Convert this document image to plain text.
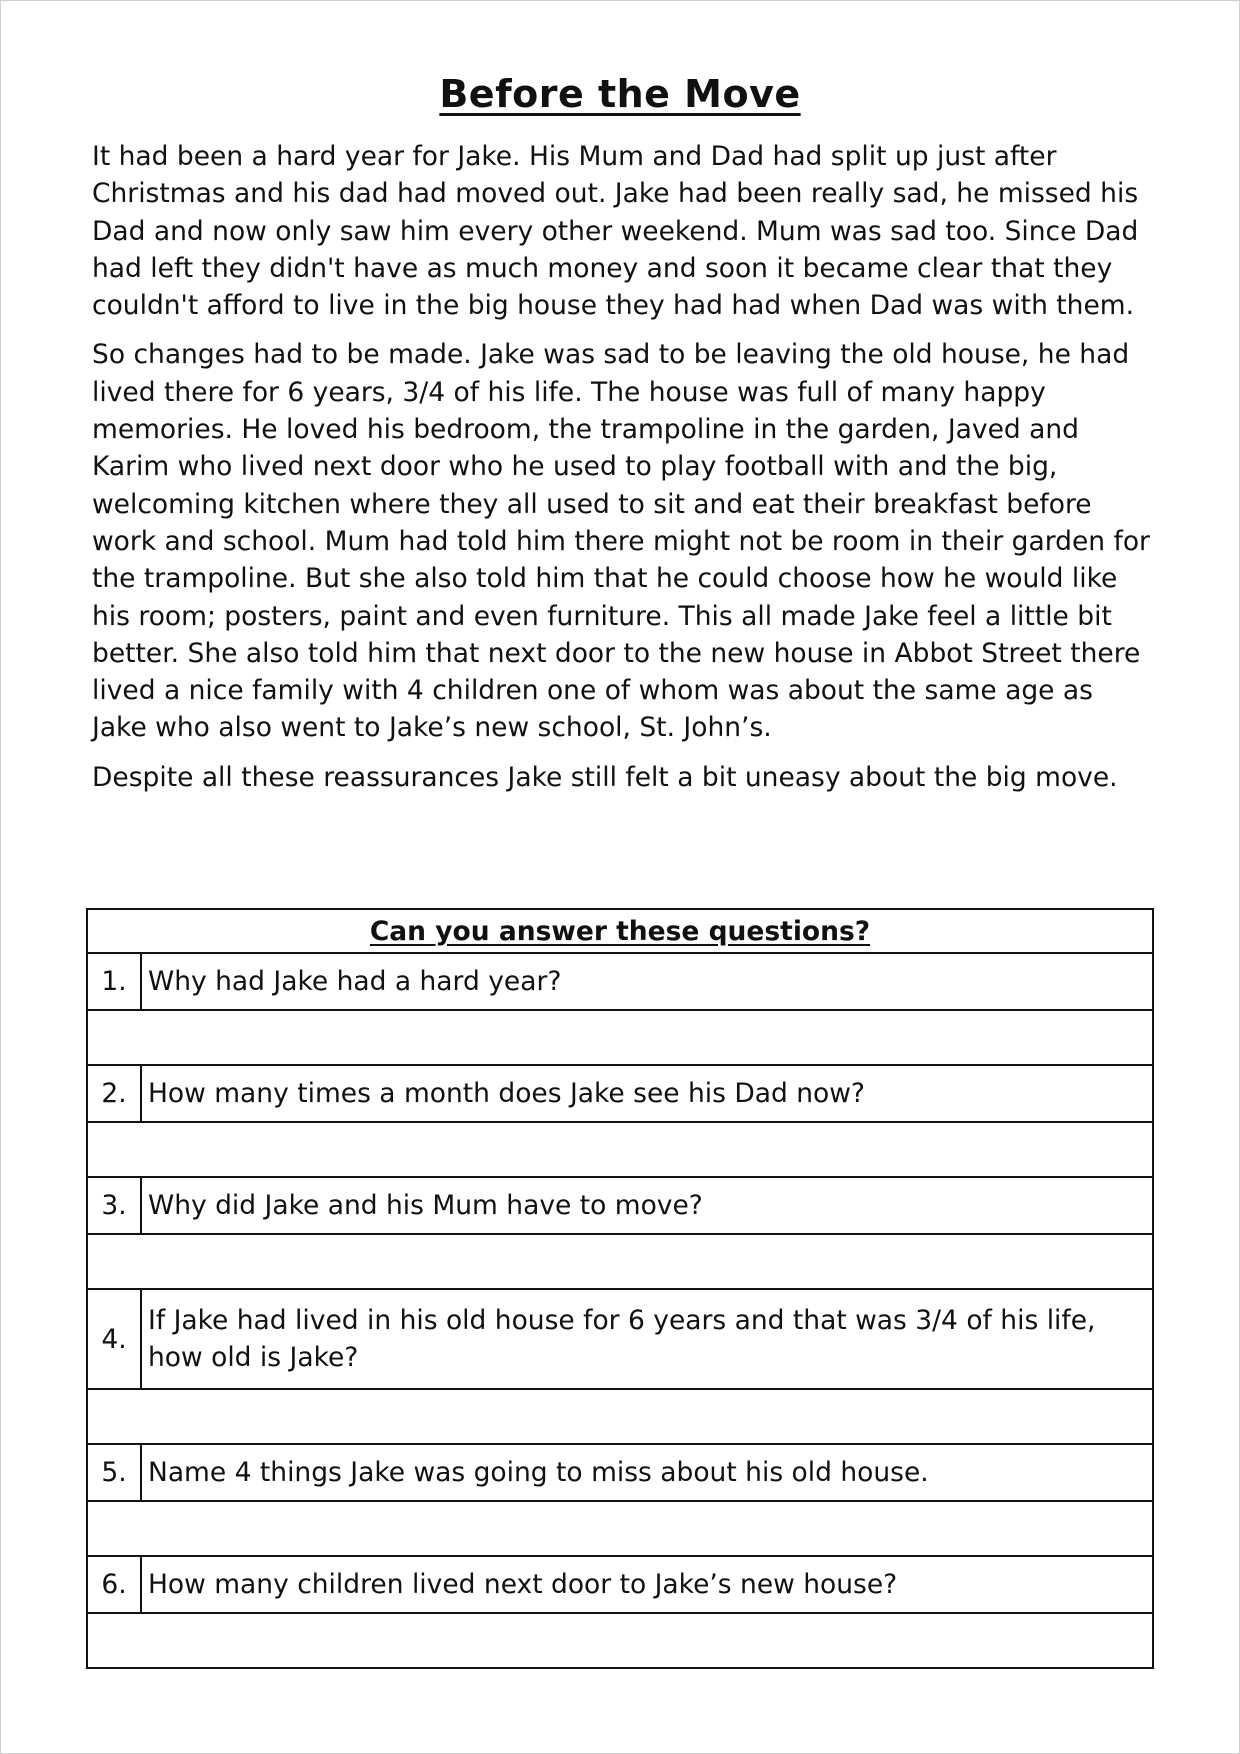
Before the Move

It had been a hard year for Jake. His Mum and Dad had split up just after Christmas and his dad had moved out. Jake had been really sad, he missed his Dad and now only saw him every other weekend. Mum was sad too. Since Dad had left they didn't have as much money and soon it became clear that they couldn't afford to live in the big house they had had when Dad was with them.

So changes had to be made. Jake was sad to be leaving the old house, he had lived there for 6 years, 3/4 of his life. The house was full of many happy memories. He loved his bedroom, the trampoline in the garden, Javed and Karim who lived next door who he used to play football with and the big, welcoming kitchen where they all used to sit and eat their breakfast before work and school. Mum had told him there might not be room in their garden for the trampoline. But she also told him that he could choose how he would like his room; posters, paint and even furniture. This all made Jake feel a little bit better. She also told him that next door to the new house in Abbot Street there lived a nice family with 4 children one of whom was about the same age as Jake who also went to Jake’s new school, St. John’s.

Despite all these reassurances Jake still felt a bit uneasy about the big move.

Can you answer these questions?	
1.	Why had Jake had a hard year?

2.	How many times a month does Jake see his Dad now?

3.	Why did Jake and his Mum have to move?

4.	If Jake had lived in his old house for 6 years and that was 3/4 of his life, how old is Jake?

5.	Name 4 things Jake was going to miss about his old house.

6.	How many children lived next door to Jake’s new house?
